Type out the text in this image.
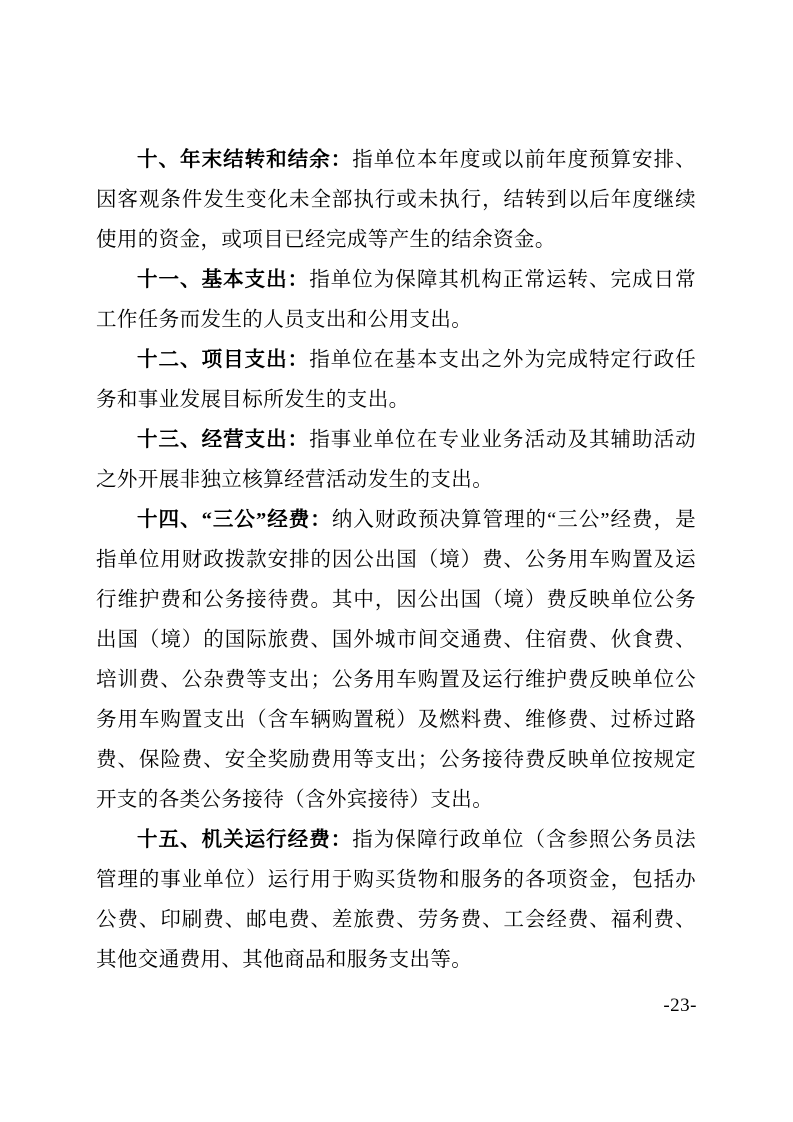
十、年末结转和结余：指单位本年度或以前年度预算安排、因客观条件发生变化未全部执行或未执行，结转到以后年度继续使用的资金，或项目已经完成等产生的结余资金。

十一、基本支出：指单位为保障其机构正常运转、完成日常工作任务而发生的人员支出和公用支出。

十二、项目支出：指单位在基本支出之外为完成特定行政任务和事业发展目标所发生的支出。

十三、经营支出：指事业单位在专业业务活动及其辅助活动之外开展非独立核算经营活动发生的支出。

十四、“三公”经费：纳入财政预决算管理的“三公”经费，是指单位用财政拨款安排的因公出国（境）费、公务用车购置及运行维护费和公务接待费。其中，因公出国（境）费反映单位公务出国（境）的国际旅费、国外城市间交通费、住宿费、伙食费、培训费、公杂费等支出；公务用车购置及运行维护费反映单位公务用车购置支出（含车辆购置税）及燃料费、维修费、过桥过路费、保险费、安全奖励费用等支出；公务接待费反映单位按规定开支的各类公务接待（含外宾接待）支出。

十五、机关运行经费：指为保障行政单位（含参照公务员法管理的事业单位）运行用于购买货物和服务的各项资金，包括办公费、印刷费、邮电费、差旅费、劳务费、工会经费、福利费、其他交通费用、其他商品和服务支出等。

-23-
